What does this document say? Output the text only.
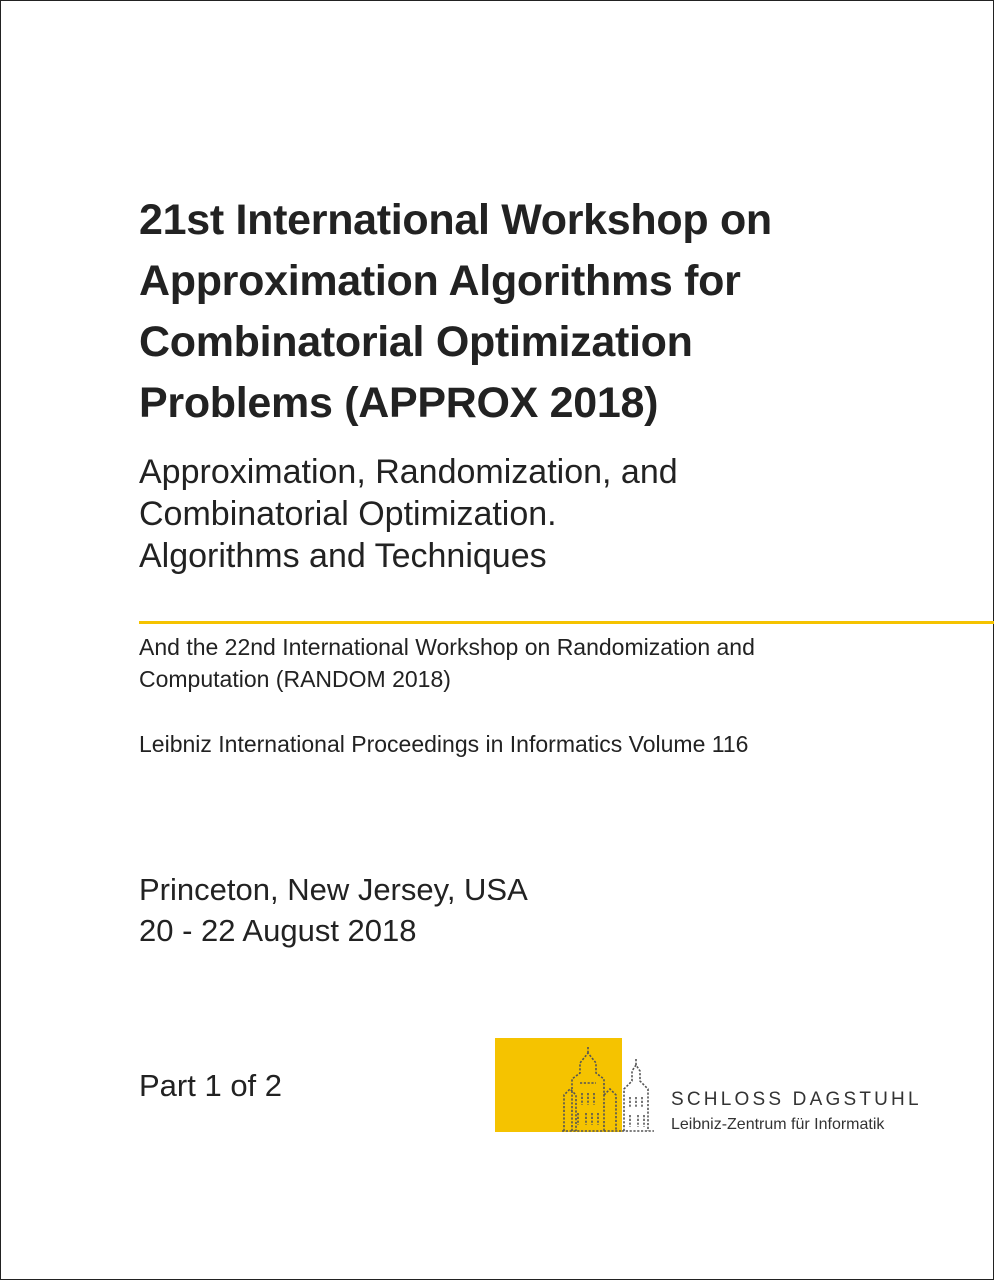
21st International Workshop on
Approximation Algorithms for
Combinatorial Optimization
Problems (APPROX 2018)
Approximation, Randomization, and
Combinatorial Optimization.
Algorithms and Techniques
And the 22nd International Workshop on Randomization and
Computation (RANDOM 2018)
Leibniz International Proceedings in Informatics Volume 116
Princeton, New Jersey, USA
20 - 22 August 2018
Part 1 of 2	SCHLOSS DAGSTUHL
Leibniz-Zentrum für Informatik
